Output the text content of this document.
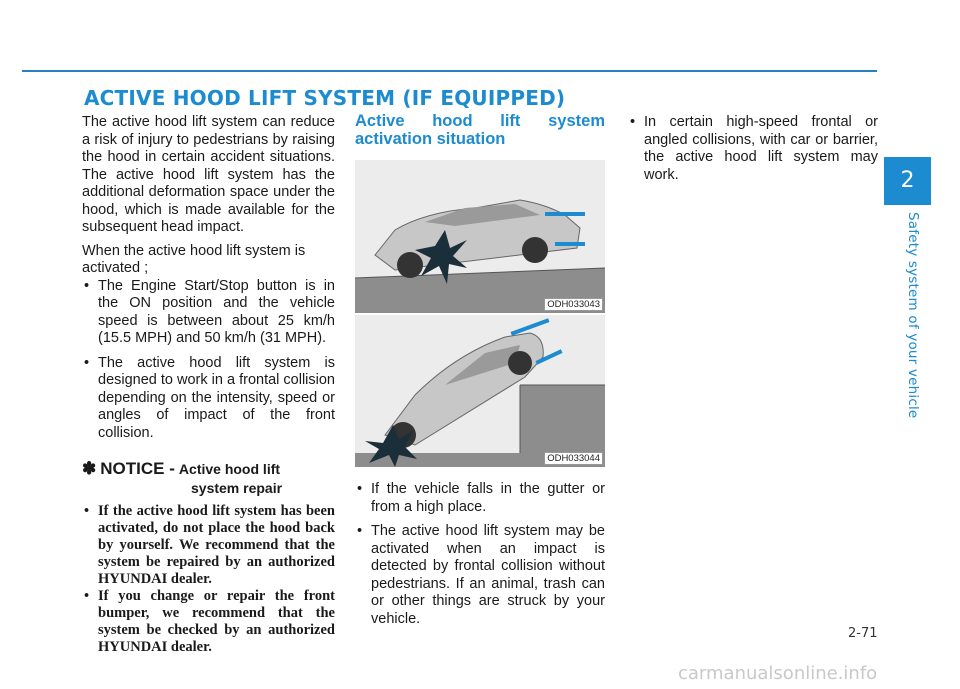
ACTIVE HOOD LIFT SYSTEM (IF EQUIPPED)

The active hood lift system can reduce a risk of injury to pedestrians by raising the hood in certain accident situations. The active hood lift system has the additional deformation space under the hood, which is made available for the subsequent head impact.

When the active hood lift system is activated ;

• The Engine Start/Stop button is in the ON position and the vehicle speed is between about 25 km/h (15.5 MPH) and 50 km/h (31 MPH).
• The active hood lift system is designed to work in a frontal collision depending on the intensity, speed or angles of impact of the front collision.
✽ NOTICE - Active hood lift
system repair
• If the active hood lift system has been activated, do not place the hood back by yourself. We recommend that the system be repaired by an authorized HYUNDAI dealer.
• If you change or repair the front bumper, we recommend that the system be checked by an authorized HYUNDAI dealer.
Active hood lift system activation situation
ODH033043
ODH033044
• If the vehicle falls in the gutter or from a high place.
• The active hood lift system may be activated when an impact is detected by frontal collision without pedestrians. If an animal, trash can or other things are struck by your vehicle.
• In certain high-speed frontal or angled collisions, with car or barrier, the active hood lift system may work.	2
Safety system of your vehicle
2-71
carmanualsonline.info
